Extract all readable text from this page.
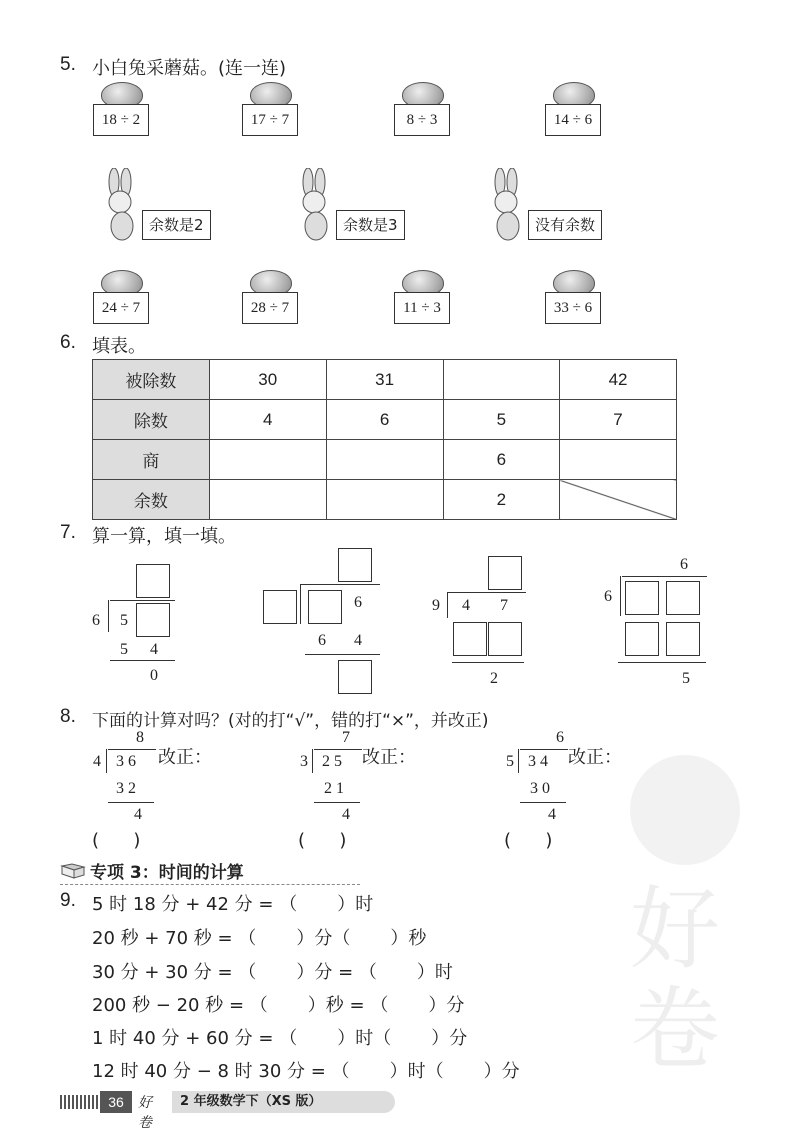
好
卷
5. 小白兔采蘑菇。(连一连)
18 ÷ 2	17 ÷ 7	8 ÷ 3	14 ÷ 6
余数是2	余数是3	没有余数
24 ÷ 7	28 ÷ 7	11 ÷ 3	33 ÷ 6
6. 填表。
被除数	30	31		42
除数	4	6	5	7
商			6	
余数			2	
7. 算一算，填一填。
6 5
5 4
0
6
6 4
9 4 7
2
6
6
5
8. 下面的计算对吗？(对的打“√”，错的打“×”，并改正)
8
4 3 6 改正：
3 2
4
(      )
7
3 2 5 改正：
2 1
4
(      )
6
5 3 4 改正：
3 0
4
(      )
专项 3：时间的计算
9. 5 时 18 分 + 42 分 = （       ）时
20 秒 + 70 秒 = （       ）分（       ）秒
30 分 + 30 分 = （       ）分 = （       ）时
200 秒 − 20 秒 = （       ）秒 = （       ）分
1 时 40 分 + 60 分 = （       ）时（       ）分
12 时 40 分 − 8 时 30 分 = （       ）时（       ）分
36	好卷
2 年级数学下（XS 版）
